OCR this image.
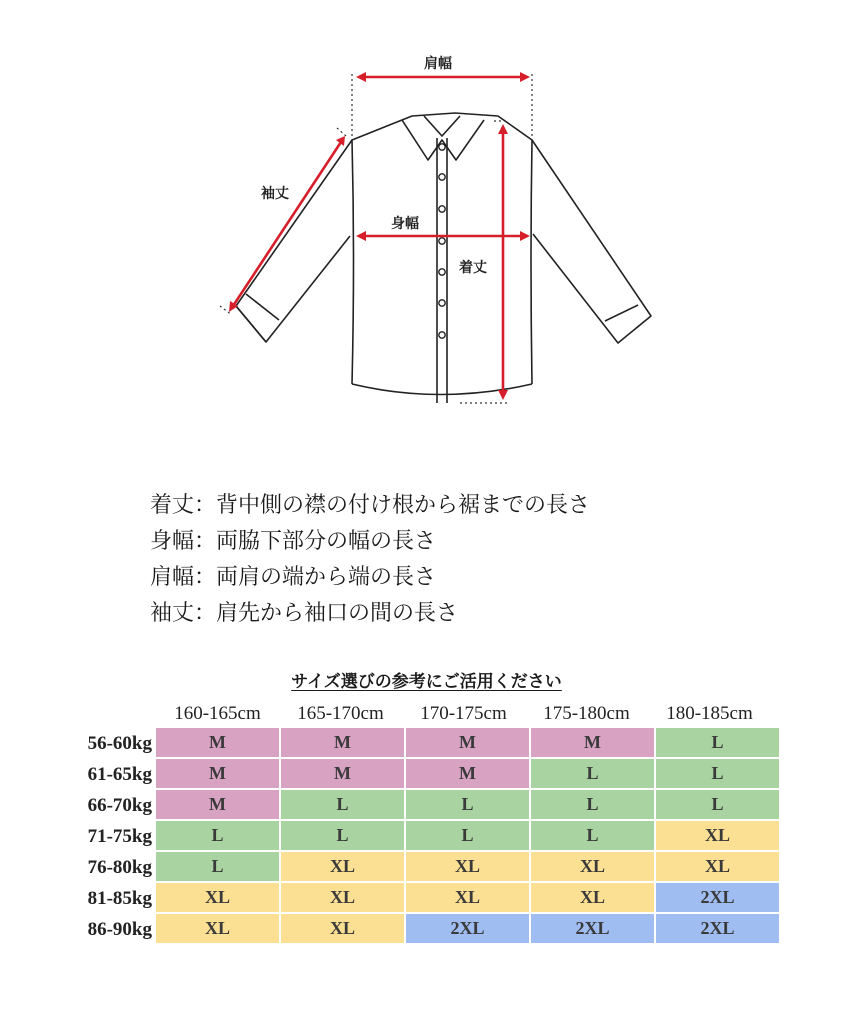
肩幅
袖丈
身幅
着丈
着丈：背中側の襟の付け根から裾までの長さ
身幅：両脇下部分の幅の長さ
肩幅：両肩の端から端の長さ
袖丈：肩先から袖口の間の長さ
サイズ選びの参考にご活用ください
160-165cm	165-170cm	170-175cm	175-180cm	180-185cm
56-60kg	M	M	M	M	L
61-65kg	M	M	M	L	L
66-70kg	M	L	L	L	L
71-75kg	L	L	L	L	XL
76-80kg	L	XL	XL	XL	XL
81-85kg	XL	XL	XL	XL	2XL
86-90kg	XL	XL	2XL	2XL	2XL
